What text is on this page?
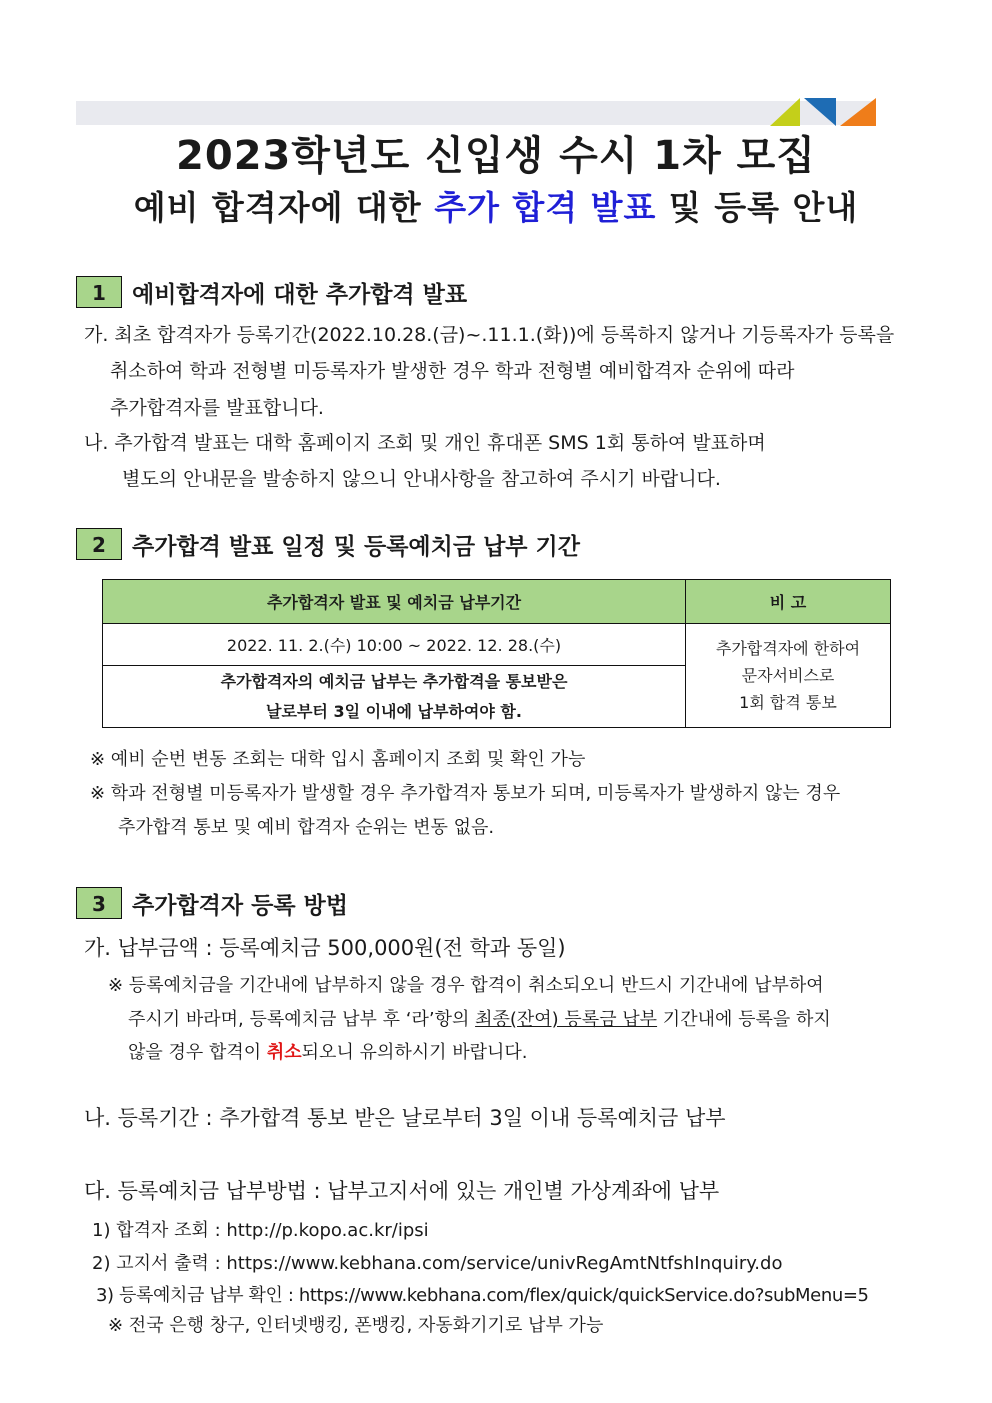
2023학년도 신입생 수시 1차 모집
예비 합격자에 대한 추가 합격 발표 및 등록 안내
1	예비합격자에 대한 추가합격 발표
가. 최초 합격자가 등록기간(2022.10.28.(금)~.11.1.(화))에 등록하지 않거나 기등록자가 등록을
취소하여 학과 전형별 미등록자가 발생한 경우 학과 전형별 예비합격자 순위에 따라
추가합격자를 발표합니다.
나. 추가합격 발표는 대학 홈페이지 조회 및 개인 휴대폰 SMS 1회 통하여 발표하며
별도의 안내문을 발송하지 않으니 안내사항을 참고하여 주시기 바랍니다.
2	추가합격 발표 일정 및 등록예치금 납부 기간
추가합격자 발표 및 예치금 납부기간	비 고
2022. 11. 2.(수) 10:00 ~ 2022. 12. 28.(수)	추가합격자에 한하여
문자서비스로
1회 합격 통보

추가합격자의 예치금 납부는 추가합격을 통보받은
날로부터 3일 이내에 납부하여야 함.	
※ 예비 순번 변동 조회는 대학 입시 홈페이지 조회 및 확인 가능
※ 학과 전형별 미등록자가 발생할 경우 추가합격자 통보가 되며, 미등록자가 발생하지 않는 경우
추가합격 통보 및 예비 합격자 순위는 변동 없음.
3	추가합격자 등록 방법
가. 납부금액 : 등록예치금 500,000원(전 학과 동일)
※ 등록예치금을 기간내에 납부하지 않을 경우 합격이 취소되오니 반드시 기간내에 납부하여
주시기 바라며, 등록예치금 납부 후 ‘라’항의 최종(잔여) 등록금 납부 기간내에 등록을 하지
않을 경우 합격이 취소되오니 유의하시기 바랍니다.
나. 등록기간 : 추가합격 통보 받은 날로부터 3일 이내 등록예치금 납부
다. 등록예치금 납부방법 : 납부고지서에 있는 개인별 가상계좌에 납부
1) 합격자 조회 : http://p.kopo.ac.kr/ipsi
2) 고지서 출력 : https://www.kebhana.com/service/univRegAmtNtfshInquiry.do
3) 등록예치금 납부 확인 : https://www.kebhana.com/flex/quick/quickService.do?subMenu=5
※ 전국 은행 창구, 인터넷뱅킹, 폰뱅킹, 자동화기기로 납부 가능
